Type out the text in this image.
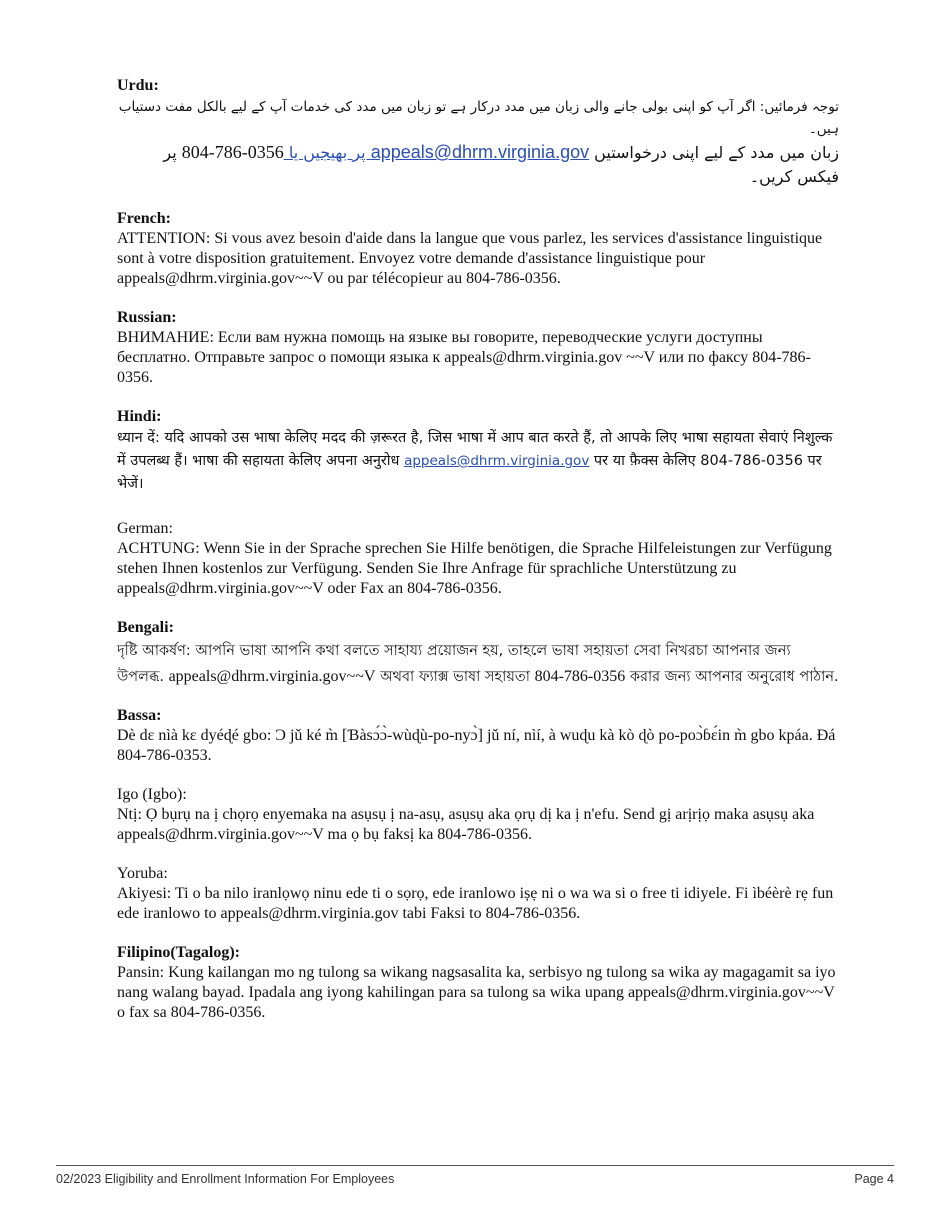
Urdu:

توجہ فرمائیں: اگر آپ کو اپنی بولی جانے والی زبان میں مدد درکار ہے تو زبان میں مدد کی خدمات آپ کے لیے بالکل مفت دستیاب ہیں۔

زبان میں مدد کے لیے اپنی درخواستیں appeals@dhrm.virginia.gov پر بھیجیں یا 804-786-0356 پر فیکس کریں۔

French:

ATTENTION: Si vous avez besoin d'aide dans la langue que vous parlez, les services d'assistance linguistique sont à votre disposition gratuitement. Envoyez votre demande d'assistance linguistique pour appeals@dhrm.virginia.gov~~V ou par télécopieur au 804-786-0356.

Russian:

ВНИМАНИЕ: Если вам нужна помощь на языке вы говорите, переводческие услуги доступны бесплатно. Отправьте запрос о помощи языка к appeals@dhrm.virginia.gov ~~V или по факсу 804-786-0356.

Hindi:

ध्यान दें: यदि आपको उस भाषा केलिए मदद की ज़रूरत है, जिस भाषा में आप बात करते हैं, तो आपके लिए भाषा सहायता सेवाएं निशुल्क में उपलब्ध हैं। भाषा की सहायता केलिए अपना अनुरोध appeals@dhrm.virginia.gov पर या फ़ैक्स केलिए 804-786-0356 पर भेजें।

German:

ACHTUNG: Wenn Sie in der Sprache sprechen Sie Hilfe benötigen, die Sprache Hilfeleistungen zur Verfügung stehen Ihnen kostenlos zur Verfügung. Senden Sie Ihre Anfrage für sprachliche Unterstützung zu appeals@dhrm.virginia.gov~~V oder Fax an 804-786-0356.

Bengali:

দৃষ্টি আকর্ষণ: আপনি ভাষা আপনি কথা বলতে সাহায্য প্রয়োজন হয়, তাহলে ভাষা সহায়তা সেবা নিখরচা আপনার জন্য উপলব্ধ. appeals@dhrm.virginia.gov~~V অথবা ফ্যাক্স ভাষা সহায়তা 804-786-0356 করার জন্য আপনার অনুরোধ পাঠান.

Bassa:

Dè dɛ nìà kɛ dyéɖé gbo: Ɔ jǔ ké m̀ [Ɓàsɔ́ɔ̀-wùɖù-po-nyɔ̀] jǔ ní, nìí, à wuɖu kà kò ɖò po-poɔ̀ɓɛ́in m̀ gbo kpáa. Ɖá 804-786-0353.

Igo (Igbo):

Ntị: Ọ bụrụ na ị chọrọ enyemaka na asụsụ ị na-asụ, asụsụ aka ọrụ dị ka ị n'efu. Send gị arịrịọ maka asụsụ aka appeals@dhrm.virginia.gov~~V ma ọ bụ faksị ka 804-786-0356.

Yoruba:

Akiyesi: Ti o ba nilo iranlọwọ ninu ede ti o sọrọ, ede iranlowo ișẹ ni o wa wa si o free ti idiyele. Fi ìbéèrè rẹ fun ede iranlowo to appeals@dhrm.virginia.gov tabi Faksi to 804-786-0356.

Filipino(Tagalog):

Pansin: Kung kailangan mo ng tulong sa wikang nagsasalita ka, serbisyo ng tulong sa wika ay magagamit sa iyo nang walang bayad. Ipadala ang iyong kahilingan para sa tulong sa wika upang appeals@dhrm.virginia.gov~~V o fax sa 804-786-0356.

02/2023 Eligibility and Enrollment Information For Employees	Page 4
